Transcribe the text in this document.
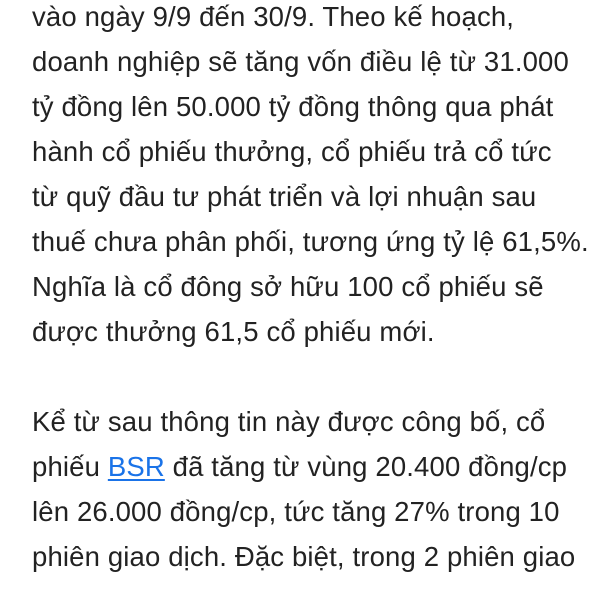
vào ngày 9/9 đến 30/9. Theo kế hoạch,
doanh nghiệp sẽ tăng vốn điều lệ từ 31.000
tỷ đồng lên 50.000 tỷ đồng thông qua phát
hành cổ phiếu thưởng, cổ phiếu trả cổ tức
từ quỹ đầu tư phát triển và lợi nhuận sau
thuế chưa phân phối, tương ứng tỷ lệ 61,5%.
Nghĩa là cổ đông sở hữu 100 cổ phiếu sẽ
được thưởng 61,5 cổ phiếu mới.
Kể từ sau thông tin này được công bố, cổ
phiếu BSR đã tăng từ vùng 20.400 đồng/cp
lên 26.000 đồng/cp, tức tăng 27% trong 10
phiên giao dịch. Đặc biệt, trong 2 phiên giao
